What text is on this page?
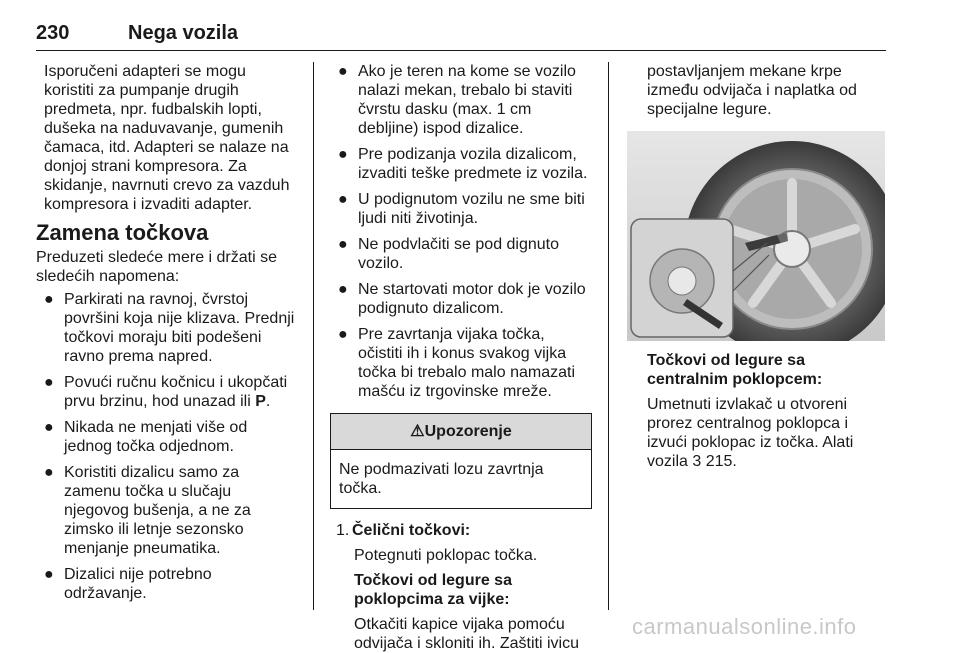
230	Nega vozila

Isporučeni adapteri se mogu koristiti za pumpanje drugih predmeta, npr. fudbalskih lopti, dušeka na naduvavanje, gumenih čamaca, itd. Adapteri se nalaze na donjoj strani kompresora. Za skidanje, navrnuti crevo za vazduh kompresora i izvaditi adapter.

Zamena točkova

Preduzeti sledeće mere i držati se sledećih napomena:

● Parkirati na ravnoj, čvrstoj površini koja nije klizava. Prednji točkovi moraju biti podešeni ravno prema napred.
● Povući ručnu kočnicu i ukopčati prvu brzinu, hod unazad ili P.
● Nikada ne menjati više od jednog točka odjednom.
● Koristiti dizalicu samo za zamenu točka u slučaju njegovog bušenja, a ne za zimsko ili letnje sezonsko menjanje pneumatika.
● Dizalici nije potrebno održavanje.
● Ako je teren na kome se vozilo nalazi mekan, trebalo bi staviti čvrstu dasku (max. 1 cm debljine) ispod dizalice.
● Pre podizanja vozila dizalicom, izvaditi teške predmete iz vozila.
● U podignutom vozilu ne sme biti ljudi niti životinja.
● Ne podvlačiti se pod dignuto vozilo.
● Ne startovati motor dok je vozilo podignuto dizalicom.
● Pre zavrtanja vijaka točka, očistiti ih i konus svakog vijka točka bi trebalo malo namazati mašću iz trgovinske mreže.
⚠Upozorenje
Ne podmazivati lozu zavrtnja točka.
1. Čelični točkovi:

Potegnuti poklopac točka.

Točkovi od legure sa poklopcima za vijke:

Otkačiti kapice vijaka pomoću odvijača i skloniti ih. Zaštiti ivicu

postavljanjem mekane krpe između odvijača i naplatka od specijalne legure.

Točkovi od legure sa centralnim poklopcem:

Umetnuti izvlakač u otvoreni prorez centralnog poklopca i izvući poklopac iz točka. Alati vozila 3 215.

carmanualsonline.info
